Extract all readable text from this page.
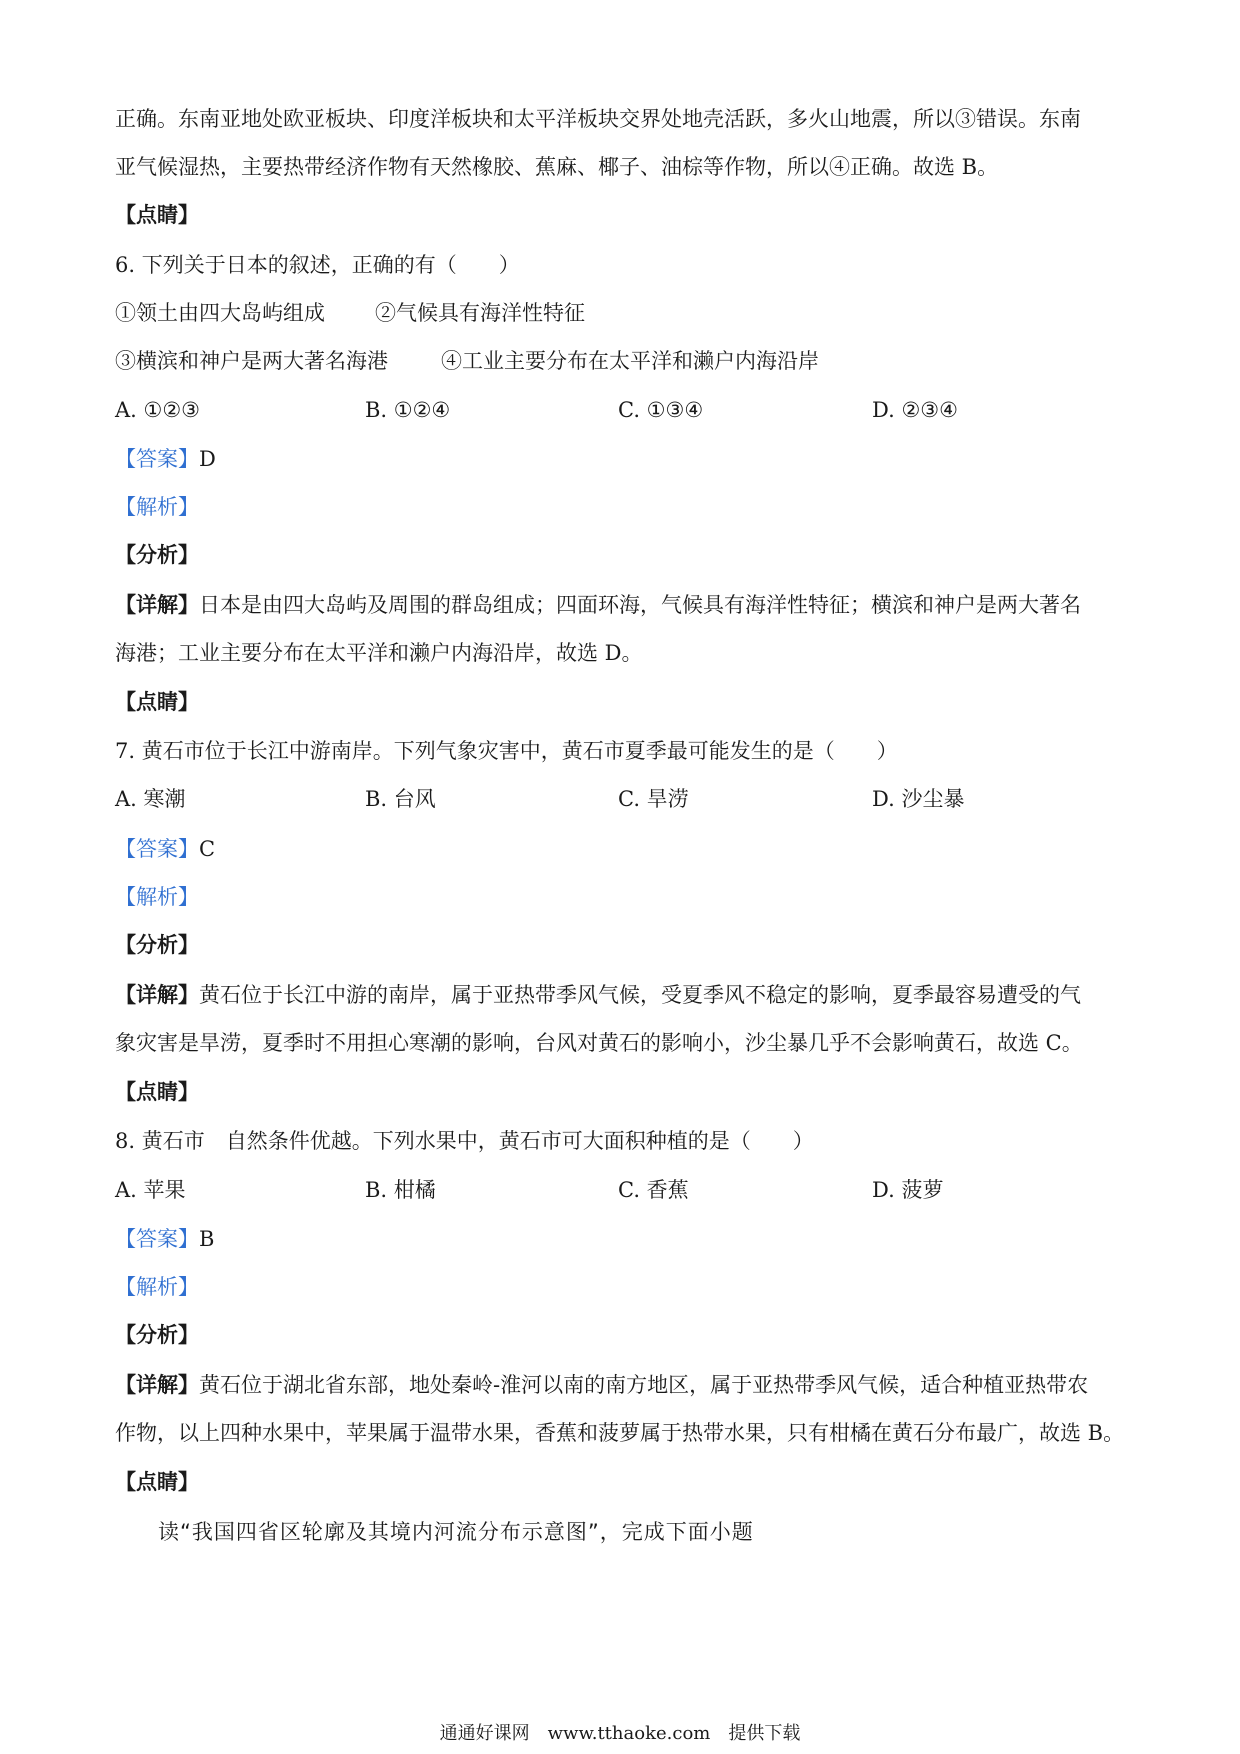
正确。东南亚地处欧亚板块、印度洋板块和太平洋板块交界处地壳活跃，多火山地震，所以③错误。东南
亚气候湿热，主要热带经济作物有天然橡胶、蕉麻、椰子、油棕等作物，所以④正确。故选 B。
【点睛】
6. 下列关于日本的叙述，正确的有（　　）
①领土由四大岛屿组成 ②气候具有海洋性特征
③横滨和神户是两大著名海港	④工业主要分布在太平洋和濑户内海沿岸
A. ①②③	B. ①②④	C. ①③④	D. ②③④
【答案】D
【解析】
【分析】
【详解】日本是由四大岛屿及周围的群岛组成；四面环海，气候具有海洋性特征；横滨和神户是两大著名
海港；工业主要分布在太平洋和濑户内海沿岸，故选 D。
【点睛】
7. 黄石市位于长江中游南岸。下列气象灾害中，黄石市夏季最可能发生的是（　　）
A. 寒潮	B. 台风	C. 旱涝	D. 沙尘暴
【答案】C
【解析】
【分析】
【详解】黄石位于长江中游的南岸，属于亚热带季风气候，受夏季风不稳定的影响，夏季最容易遭受的气
象灾害是旱涝，夏季时不用担心寒潮的影响，台风对黄石的影响小，沙尘暴几乎不会影响黄石，故选 C。
【点睛】
8. 黄石市　自然条件优越。下列水果中，黄石市可大面积种植的是（　　）
A. 苹果	B. 柑橘	C. 香蕉	D. 菠萝
【答案】B
【解析】
【分析】
【详解】黄石位于湖北省东部，地处秦岭-淮河以南的南方地区，属于亚热带季风气候，适合种植亚热带农
作物，以上四种水果中，苹果属于温带水果，香蕉和菠萝属于热带水果，只有柑橘在黄石分布最广，故选 B。
【点睛】
读“我国四省区轮廓及其境内河流分布示意图”，完成下面小题
通通好课网　www.tthaoke.com　提供下载
